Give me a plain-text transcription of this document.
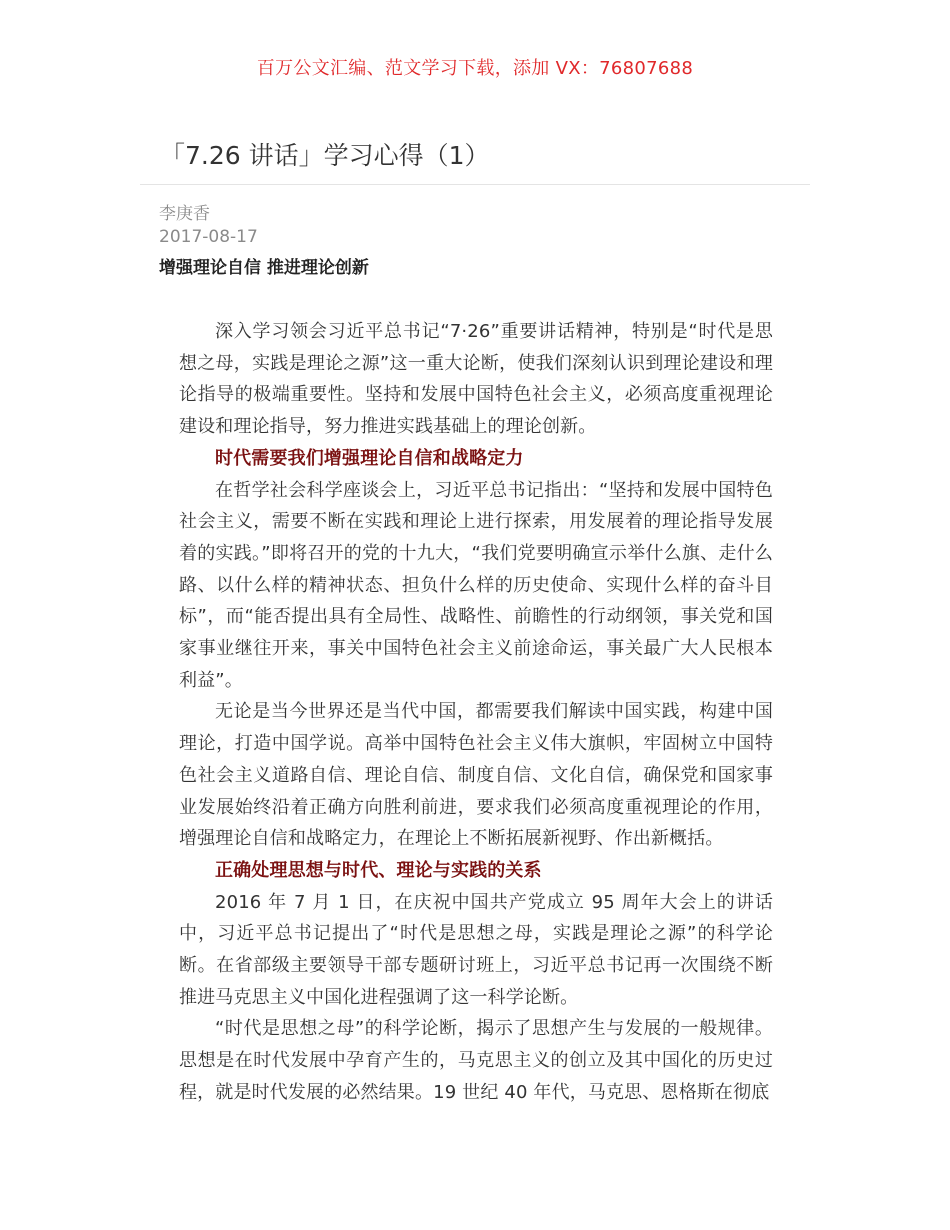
百万公文汇编、范文学习下载，添加 VX：76807688
「7.26 讲话」学习心得（1）
李庚香
2017-08-17
增强理论自信 推进理论创新

深入学习领会习近平总书记“7·26”重要讲话精神，特别是“时代是思想之母，实践是理论之源”这一重大论断，使我们深刻认识到理论建设和理论指导的极端重要性。坚持和发展中国特色社会主义，必须高度重视理论建设和理论指导，努力推进实践基础上的理论创新。

时代需要我们增强理论自信和战略定力

在哲学社会科学座谈会上，习近平总书记指出：“坚持和发展中国特色社会主义，需要不断在实践和理论上进行探索，用发展着的理论指导发展着的实践。”即将召开的党的十九大，“我们党要明确宣示举什么旗、走什么路、以什么样的精神状态、担负什么样的历史使命、实现什么样的奋斗目标”，而“能否提出具有全局性、战略性、前瞻性的行动纲领，事关党和国家事业继往开来，事关中国特色社会主义前途命运，事关最广大人民根本利益”。

无论是当今世界还是当代中国，都需要我们解读中国实践，构建中国理论，打造中国学说。高举中国特色社会主义伟大旗帜，牢固树立中国特色社会主义道路自信、理论自信、制度自信、文化自信，确保党和国家事业发展始终沿着正确方向胜利前进，要求我们必须高度重视理论的作用，增强理论自信和战略定力，在理论上不断拓展新视野、作出新概括。

正确处理思想与时代、理论与实践的关系

2016 年 7 月 1 日，在庆祝中国共产党成立 95 周年大会上的讲话中，习近平总书记提出了“时代是思想之母，实践是理论之源”的科学论断。在省部级主要领导干部专题研讨班上，习近平总书记再一次围绕不断推进马克思主义中国化进程强调了这一科学论断。

“时代是思想之母”的科学论断，揭示了思想产生与发展的一般规律。思想是在时代发展中孕育产生的，马克思主义的创立及其中国化的历史过程，就是时代发展的必然结果。19 世纪 40 年代，马克思、恩格斯在彻底
